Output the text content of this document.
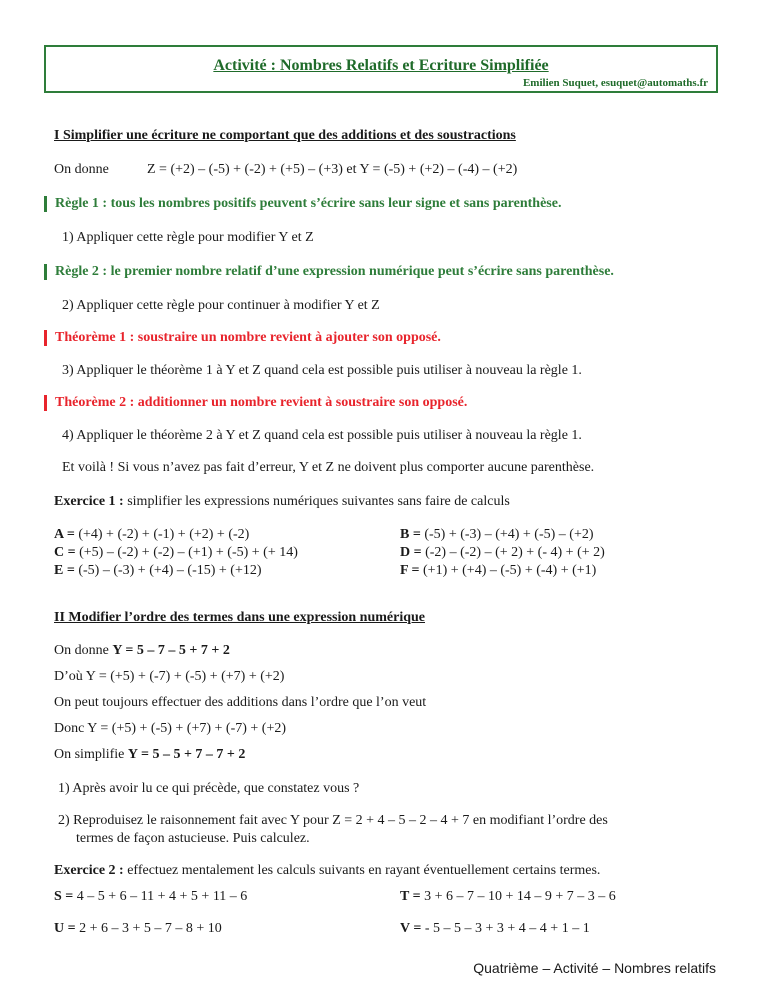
Activité : Nombres Relatifs et Ecriture Simplifiée
Emilien Suquet, esuquet@automaths.fr
I Simplifier une écriture ne comportant que des additions et des soustractions
On donne	Z = (+2) – (-5) + (-2) + (+5) – (+3) et Y = (-5) + (+2) – (-4) – (+2)
Règle 1 : tous les nombres positifs peuvent s’écrire sans leur signe et sans parenthèse.
1) Appliquer cette règle pour modifier Y et Z
Règle 2 : le premier nombre relatif d’une expression numérique peut s’écrire sans parenthèse.
2) Appliquer cette règle pour continuer à modifier Y et Z
Théorème 1 : soustraire un nombre revient à ajouter son opposé.
3) Appliquer le théorème 1 à Y et Z quand cela est possible puis utiliser à nouveau la règle 1.
Théorème 2 : additionner un nombre revient à soustraire son opposé.
4) Appliquer le théorème 2 à Y et Z quand cela est possible puis utiliser à nouveau la règle 1.
Et voilà ! Si vous n’avez pas fait d’erreur, Y et Z ne doivent plus comporter aucune parenthèse.
Exercice 1 : simplifier les expressions numériques suivantes sans faire de calculs
A = (+4) + (-2) + (-1) + (+2) + (-2)	B = (-5) + (-3) – (+4) + (-5) – (+2)
C = (+5) – (-2) + (-2) – (+1) + (-5) + (+ 14)	D = (-2) – (-2) – (+ 2) + (- 4) + (+ 2)
E = (-5) – (-3) + (+4) – (-15) + (+12)	F = (+1) + (+4) – (-5) + (-4) + (+1)
II Modifier l’ordre des termes dans une expression numérique
On donne Y = 5 – 7 – 5 + 7 + 2
D’où Y = (+5) + (-7) + (-5) + (+7) + (+2)
On peut toujours effectuer des additions dans l’ordre que l’on veut
Donc Y = (+5) + (-5) + (+7) + (-7) + (+2)
On simplifie Y = 5 – 5 + 7 – 7 + 2
1) Après avoir lu ce qui précède, que constatez vous ?
2) Reproduisez le raisonnement fait avec Y pour Z = 2 + 4 – 5 – 2 – 4 + 7 en modifiant l’ordre des
termes de façon astucieuse. Puis calculez.
Exercice 2 : effectuez mentalement les calculs suivants en rayant éventuellement certains termes.
S = 4 – 5 + 6 – 11 + 4 + 5 + 11 – 6	T = 3 + 6 – 7 – 10 + 14 – 9 + 7 – 3 – 6
U = 2 + 6 – 3 + 5 – 7 – 8 + 10	V = - 5 – 5 – 3 + 3 + 4 – 4 + 1 – 1
Quatrième – Activité – Nombres relatifs
